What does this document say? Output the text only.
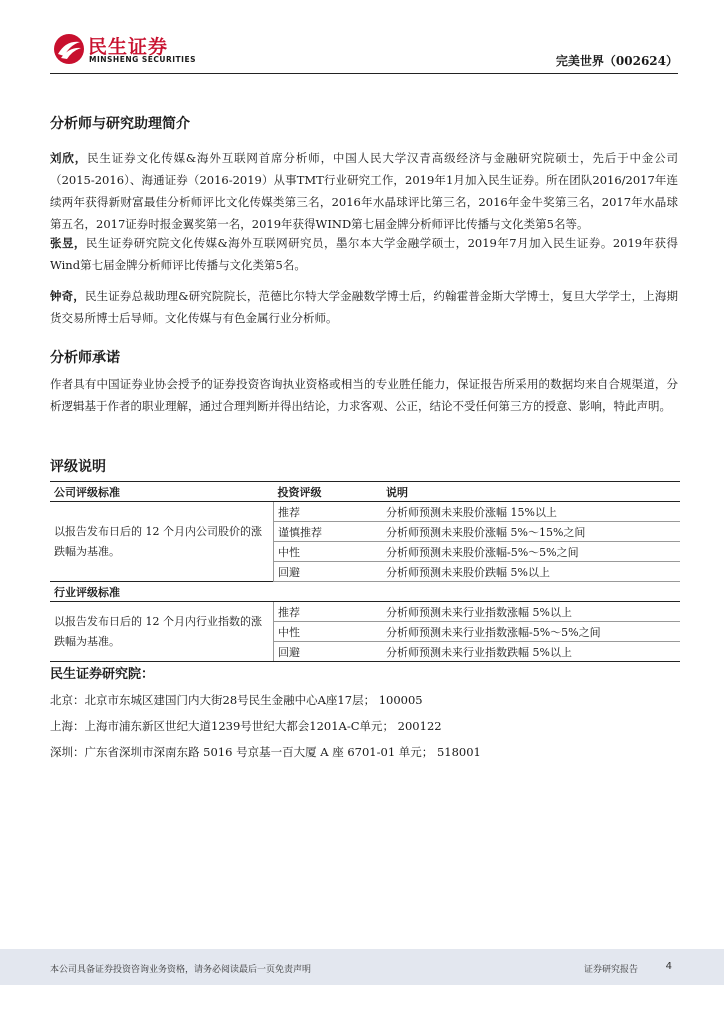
民生证券
MINSHENG SECURITIES	完美世界（002624）
分析师与研究助理简介

刘欣，民生证券文化传媒&海外互联网首席分析师，中国人民大学汉青高级经济与金融研究院硕士，先后于中金公司（2015-2016）、海通证券（2016-2019）从事TMT行业研究工作，2019年1月加入民生证券。所在团队2016/2017年连续两年获得新财富最佳分析师评比文化传媒类第三名，2016年水晶球评比第三名，2016年金牛奖第三名，2017年水晶球第五名，2017证券时报金翼奖第一名，2019年获得WIND第七届金牌分析师评比传播与文化类第5名等。

张昱，民生证券研究院文化传媒&海外互联网研究员，墨尔本大学金融学硕士，2019年7月加入民生证券。2019年获得Wind第七届金牌分析师评比传播与文化类第5名。

钟奇，民生证券总裁助理&研究院院长，范德比尔特大学金融数学博士后，约翰霍普金斯大学博士，复旦大学学士，上海期货交易所博士后导师。文化传媒与有色金属行业分析师。

分析师承诺

作者具有中国证券业协会授予的证券投资咨询执业资格或相当的专业胜任能力，保证报告所采用的数据均来自合规渠道，分析逻辑基于作者的职业理解，通过合理判断并得出结论，力求客观、公正，结论不受任何第三方的授意、影响，特此声明。

评级说明
公司评级标准	投资评级	说明
以报告发布日后的 12 个月内公司股价的涨跌幅为基准。	推荐	分析师预测未来股价涨幅 15%以上
	谨慎推荐	分析师预测未来股价涨幅 5%～15%之间
	中性	分析师预测未来股价涨幅-5%～5%之间
	回避	分析师预测未来股价跌幅 5%以上
行业评级标准		
以报告发布日后的 12 个月内行业指数的涨跌幅为基准。	推荐	分析师预测未来行业指数涨幅 5%以上
	中性	分析师预测未来行业指数涨幅-5%～5%之间
	回避	分析师预测未来行业指数跌幅 5%以上
民生证券研究院：
北京：北京市东城区建国门内大街28号民生金融中心A座17层； 100005
上海：上海市浦东新区世纪大道1239号世纪大都会1201A-C单元； 200122
深圳：广东省深圳市深南东路 5016 号京基一百大厦 A 座 6701-01 单元； 518001
本公司具备证券投资咨询业务资格，请务必阅读最后一页免责声明	证券研究报告	4
